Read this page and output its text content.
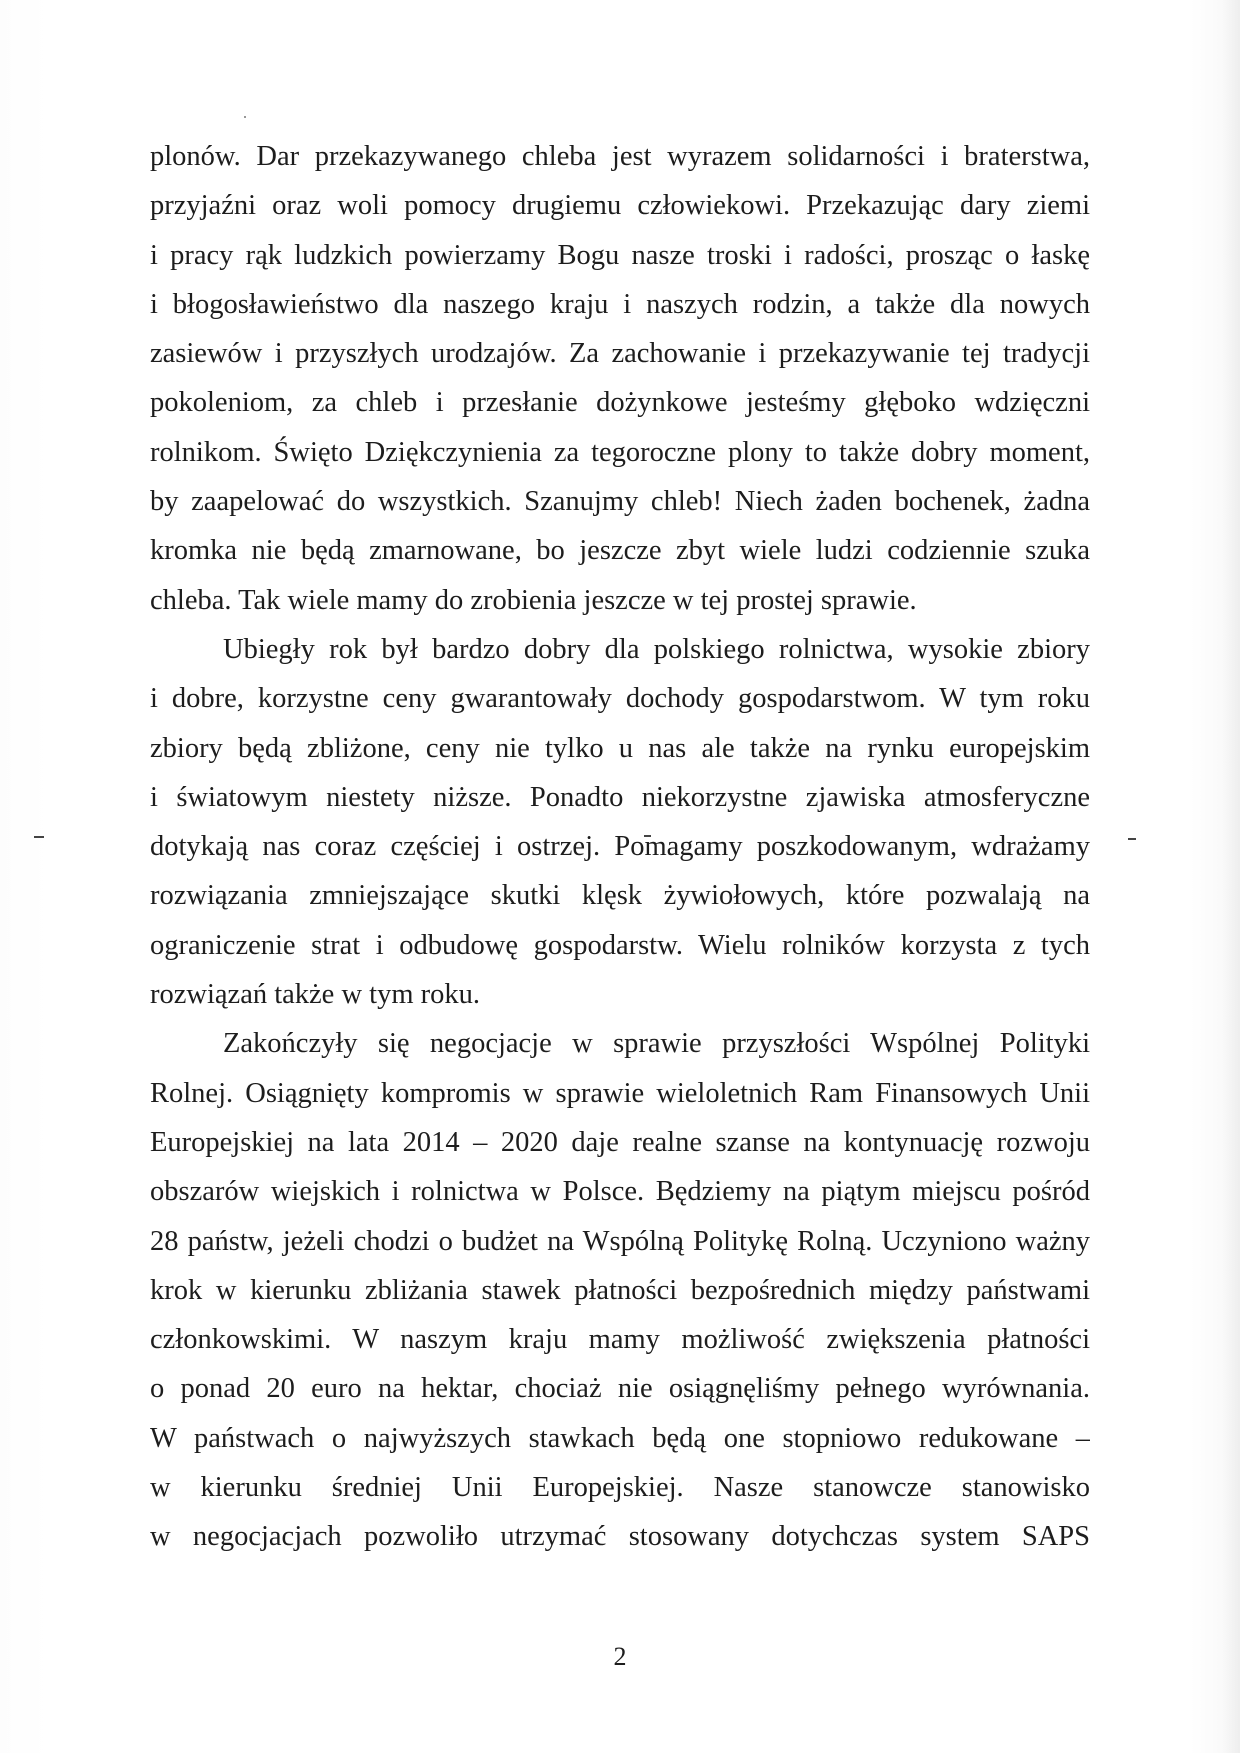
plonów. Dar przekazywanego chleba jest wyrazem solidarności i braterstwa,
przyjaźni oraz woli pomocy drugiemu człowiekowi. Przekazując dary ziemi
i pracy rąk ludzkich powierzamy Bogu nasze troski i radości, prosząc o łaskę
i błogosławieństwo dla naszego kraju i naszych rodzin, a także dla nowych
zasiewów i przyszłych urodzajów. Za zachowanie i przekazywanie tej tradycji
pokoleniom, za chleb i przesłanie dożynkowe jesteśmy głęboko wdzięczni
rolnikom. Święto Dziękczynienia za tegoroczne plony to także dobry moment,
by zaapelować do wszystkich. Szanujmy chleb! Niech żaden bochenek, żadna
kromka nie będą zmarnowane, bo jeszcze zbyt wiele ludzi codziennie szuka
chleba. Tak wiele mamy do zrobienia jeszcze w tej prostej sprawie.
Ubiegły rok był bardzo dobry dla polskiego rolnictwa, wysokie zbiory
i dobre, korzystne ceny gwarantowały dochody gospodarstwom. W tym roku
zbiory będą zbliżone, ceny nie tylko u nas ale także na rynku europejskim
i światowym niestety niższe. Ponadto niekorzystne zjawiska atmosferyczne
dotykają nas coraz częściej i ostrzej. Pomagamy poszkodowanym, wdrażamy
rozwiązania zmniejszające skutki klęsk żywiołowych, które pozwalają na
ograniczenie strat i odbudowę gospodarstw. Wielu rolników korzysta z tych
rozwiązań także w tym roku.
Zakończyły się negocjacje w sprawie przyszłości Wspólnej Polityki
Rolnej. Osiągnięty kompromis w sprawie wieloletnich Ram Finansowych Unii
Europejskiej na lata 2014 – 2020 daje realne szanse na kontynuację rozwoju
obszarów wiejskich i rolnictwa w Polsce. Będziemy na piątym miejscu pośród
28 państw, jeżeli chodzi o budżet na Wspólną Politykę Rolną. Uczyniono ważny
krok w kierunku zbliżania stawek płatności bezpośrednich między państwami
członkowskimi. W naszym kraju mamy możliwość zwiększenia płatności
o ponad 20 euro na hektar, chociaż nie osiągnęliśmy pełnego wyrównania.
W państwach o najwyższych stawkach będą one stopniowo redukowane –
w kierunku średniej Unii Europejskiej. Nasze stanowcze stanowisko
w negocjacjach pozwoliło utrzymać stosowany dotychczas system SAPS
2
